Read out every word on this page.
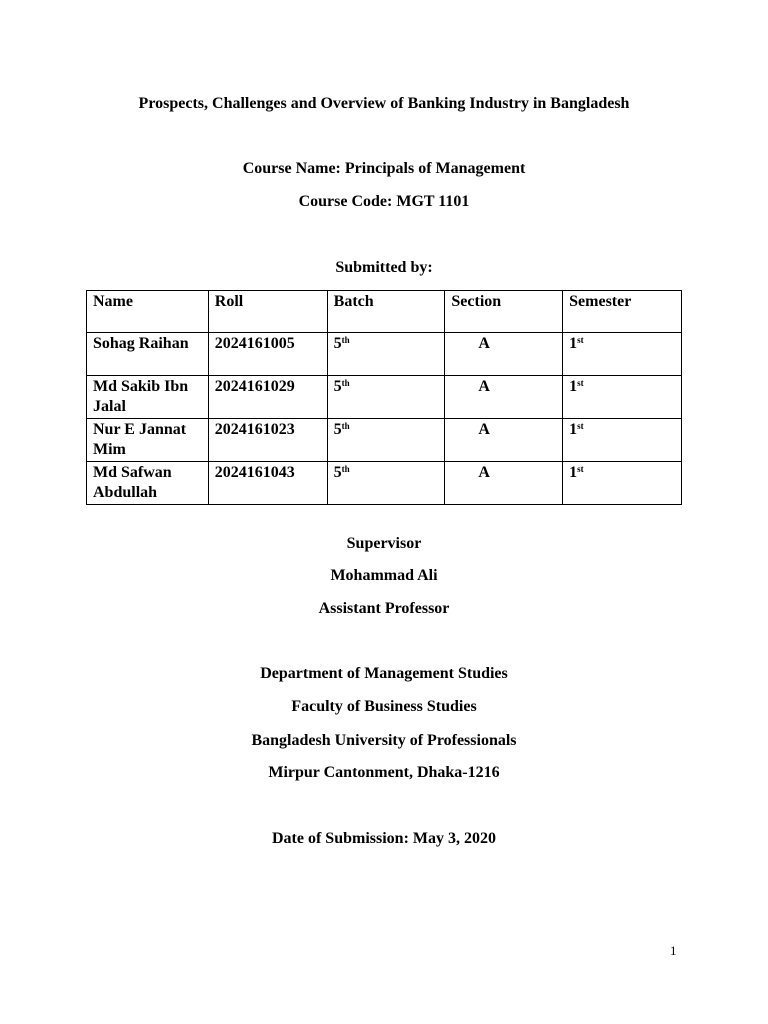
Prospects, Challenges and Overview of Banking Industry in Bangladesh
Course Name: Principals of Management
Course Code: MGT 1101
Submitted by:
Name	Roll	Batch	Section	Semester
Sohag Raihan	2024161005	5th	A	1st
Md Sakib Ibn Jalal	2024161029	5th	A	1st
Nur E Jannat Mim	2024161023	5th	A	1st
Md Safwan Abdullah	2024161043	5th	A	1st
Supervisor
Mohammad Ali
Assistant Professor
Department of Management Studies
Faculty of Business Studies
Bangladesh University of Professionals
Mirpur Cantonment, Dhaka-1216
Date of Submission: May 3, 2020
1
